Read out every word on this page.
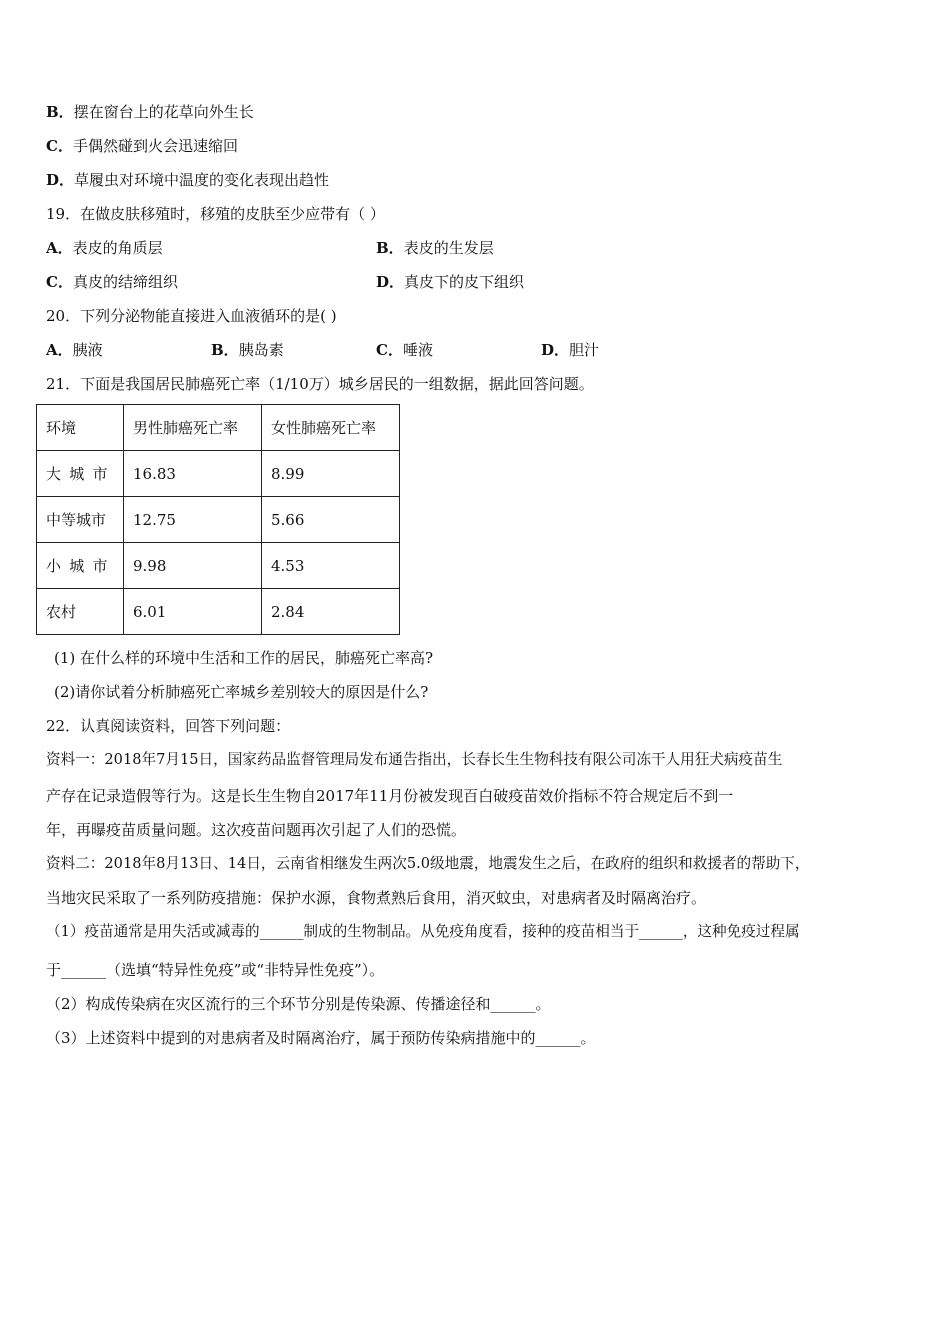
B．摆在窗台上的花草向外生长
C．手偶然碰到火会迅速缩回
D．草履虫对环境中温度的变化表现出趋性
19．在做皮肤移殖时，移殖的皮肤至少应带有（ ）
A．表皮的角质层	B．表皮的生发层
C．真皮的结缔组织	D．真皮下的皮下组织
20．下列分泌物能直接进入血液循环的是( )
A．胰液	B．胰岛素	C．唾液	D．胆汁
21．下面是我国居民肺癌死亡率（1/10万）城乡居民的一组数据，据此回答问题。
环境	男性肺癌死亡率	女性肺癌死亡率
大城市	16.83	8.99
中等城市	12.75	5.66
小城市	9.98	4.53
农村	6.01	2.84
(1) 在什么样的环境中生活和工作的居民，肺癌死亡率高?
(2)请你试着分析肺癌死亡率城乡差别较大的原因是什么?
22．认真阅读资料，回答下列问题：
资料一：2018年7月15日，国家药品监督管理局发布通告指出，长春长生生物科技有限公司冻干人用狂犬病疫苗生
产存在记录造假等行为。这是长生生物自2017年11月份被发现百白破疫苗效价指标不符合规定后不到一
年，再曝疫苗质量问题。这次疫苗问题再次引起了人们的恐慌。
资料二：2018年8月13日、14日，云南省相继发生两次5.0级地震，地震发生之后，在政府的组织和救援者的帮助下，
当地灾民采取了一系列防疫措施：保护水源，食物煮熟后食用，消灭蚊虫，对患病者及时隔离治疗。
（1）疫苗通常是用失活或减毒的______制成的生物制品。从免疫角度看，接种的疫苗相当于______，这种免疫过程属
于______（选填“特异性免疫”或“非特异性免疫”）。
（2）构成传染病在灾区流行的三个环节分别是传染源、传播途径和______。
（3）上述资料中提到的对患病者及时隔离治疗，属于预防传染病措施中的______。
